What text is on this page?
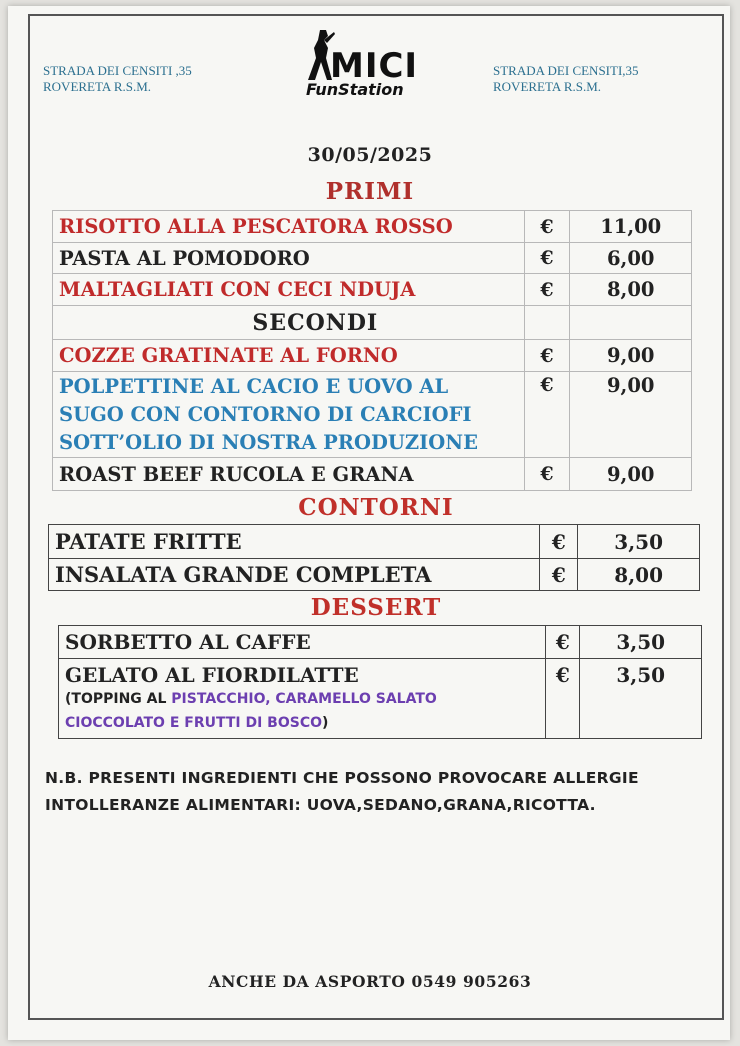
STRADA DEI CENSITI ,35
ROVERETA R.S.M.
STRADA DEI CENSITI,35
ROVERETA R.S.M.
MICI
FunStation
30/05/2025
PRIMI
RISOTTO ALLA PESCATORA ROSSO	€	11,00
PASTA AL POMODORO	€	6,00
MALTAGLIATI CON CECI NDUJA	€	8,00
SECONDI		
COZZE GRATINATE AL FORNO	€	9,00

POLPETTINE AL CACIO E UOVO AL
SUGO CON CONTORNO DI CARCIOFI
SOTT’OLIO DI NOSTRA PRODUZIONE	€	9,00
ROAST BEEF RUCOLA E GRANA	€	9,00
CONTORNI
PATATE FRITTE	€	3,50
INSALATA GRANDE COMPLETA	€	8,00
DESSERT
SORBETTO AL CAFFE	€	3,50

GELATO AL FIORDILATTE
(TOPPING AL PISTACCHIO, CARAMELLO SALATO
CIOCCOLATO E FRUTTI DI BOSCO)	€	3,50
N.B. PRESENTI INGREDIENTI CHE POSSONO PROVOCARE ALLERGIE
INTOLLERANZE ALIMENTARI: UOVA,SEDANO,GRANA,RICOTTA.
ANCHE DA ASPORTO 0549 905263
